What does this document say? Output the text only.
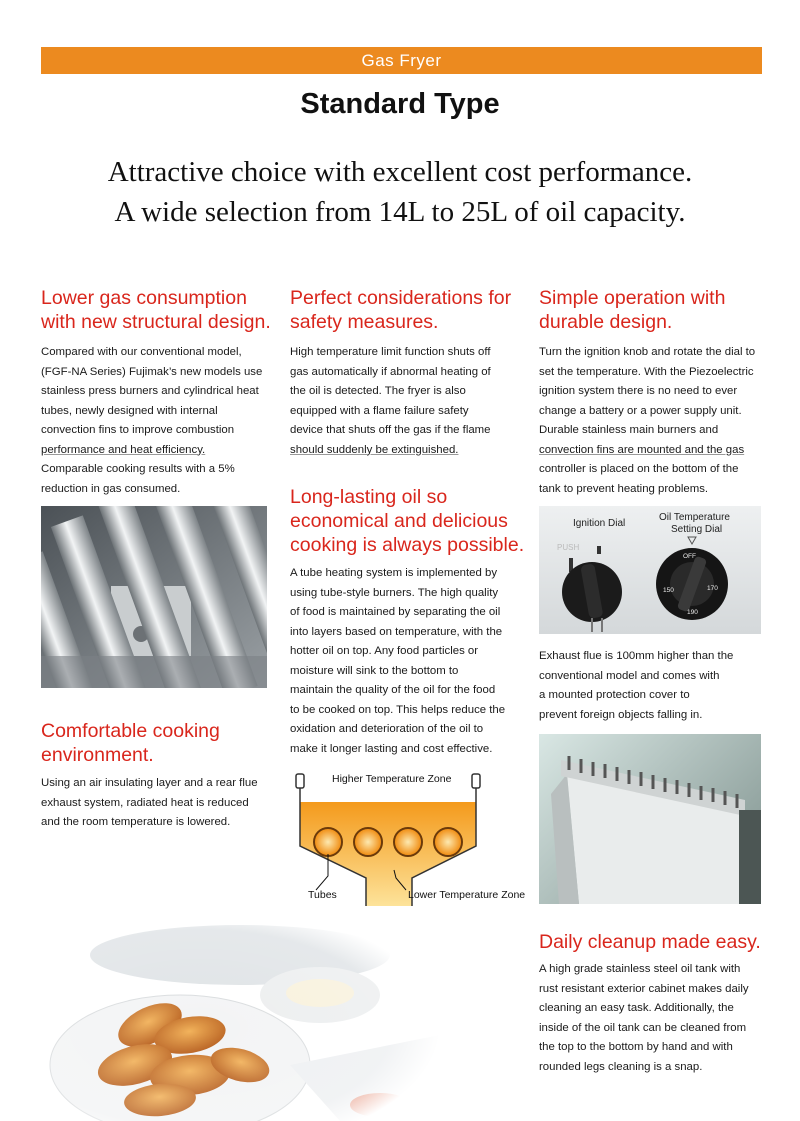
Gas Fryer
Standard Type
Attractive choice with excellent cost performance.
A wide selection from 14L to 25L of oil capacity.
Lower gas consumption
with new structural design.
Compared with our conventional model,
(FGF-NA Series) Fujimak’s new models use
stainless press burners and cylindrical heat
tubes, newly designed with internal
convection fins to improve combustion
performance and heat efficiency.
Comparable cooking results with a 5%
reduction in gas consumed.
Comfortable cooking
environment.
Using an air insulating layer and a rear flue
exhaust system, radiated heat is reduced
and the room temperature is lowered.
Perfect considerations for
safety measures.
High temperature limit function shuts off
gas automatically if abnormal heating of
the oil is detected. The fryer is also
equipped with a flame failure safety
device that shuts off the gas if the flame
should suddenly be extinguished.
Long-lasting oil so
economical and delicious
cooking is always possible.
A tube heating system is implemented by
using tube-style burners. The high quality
of food is maintained by separating the oil
into layers based on temperature, with the
hotter oil on top. Any food particles or
moisture will sink to the bottom to
maintain the quality of the oil for the food
to be cooked on top. This helps reduce the
oxidation and deterioration of the oil to
make it longer lasting and cost effective.
Higher Temperature Zone
Tubes	Lower Temperature Zone
Simple operation with
durable design.
Turn the ignition knob and rotate the dial to
set the temperature. With the Piezoelectric
ignition system there is no need to ever
change a battery or a power supply unit.
Durable stainless main burners and
convection fins are mounted and the gas
controller is placed on the bottom of the
tank to prevent heating problems.
Ignition Dial
Oil Temperature
Setting Dial
PUSH
OFF
150	170
190
Exhaust flue is 100mm higher than the
conventional model and comes with
a mounted protection cover to
prevent foreign objects falling in.
Daily cleanup made easy.
A high grade stainless steel oil tank with
rust resistant exterior cabinet makes daily
cleaning an easy task. Additionally, the
inside of the oil tank can be cleaned from
the top to the bottom by hand and with
rounded legs cleaning is a snap.
